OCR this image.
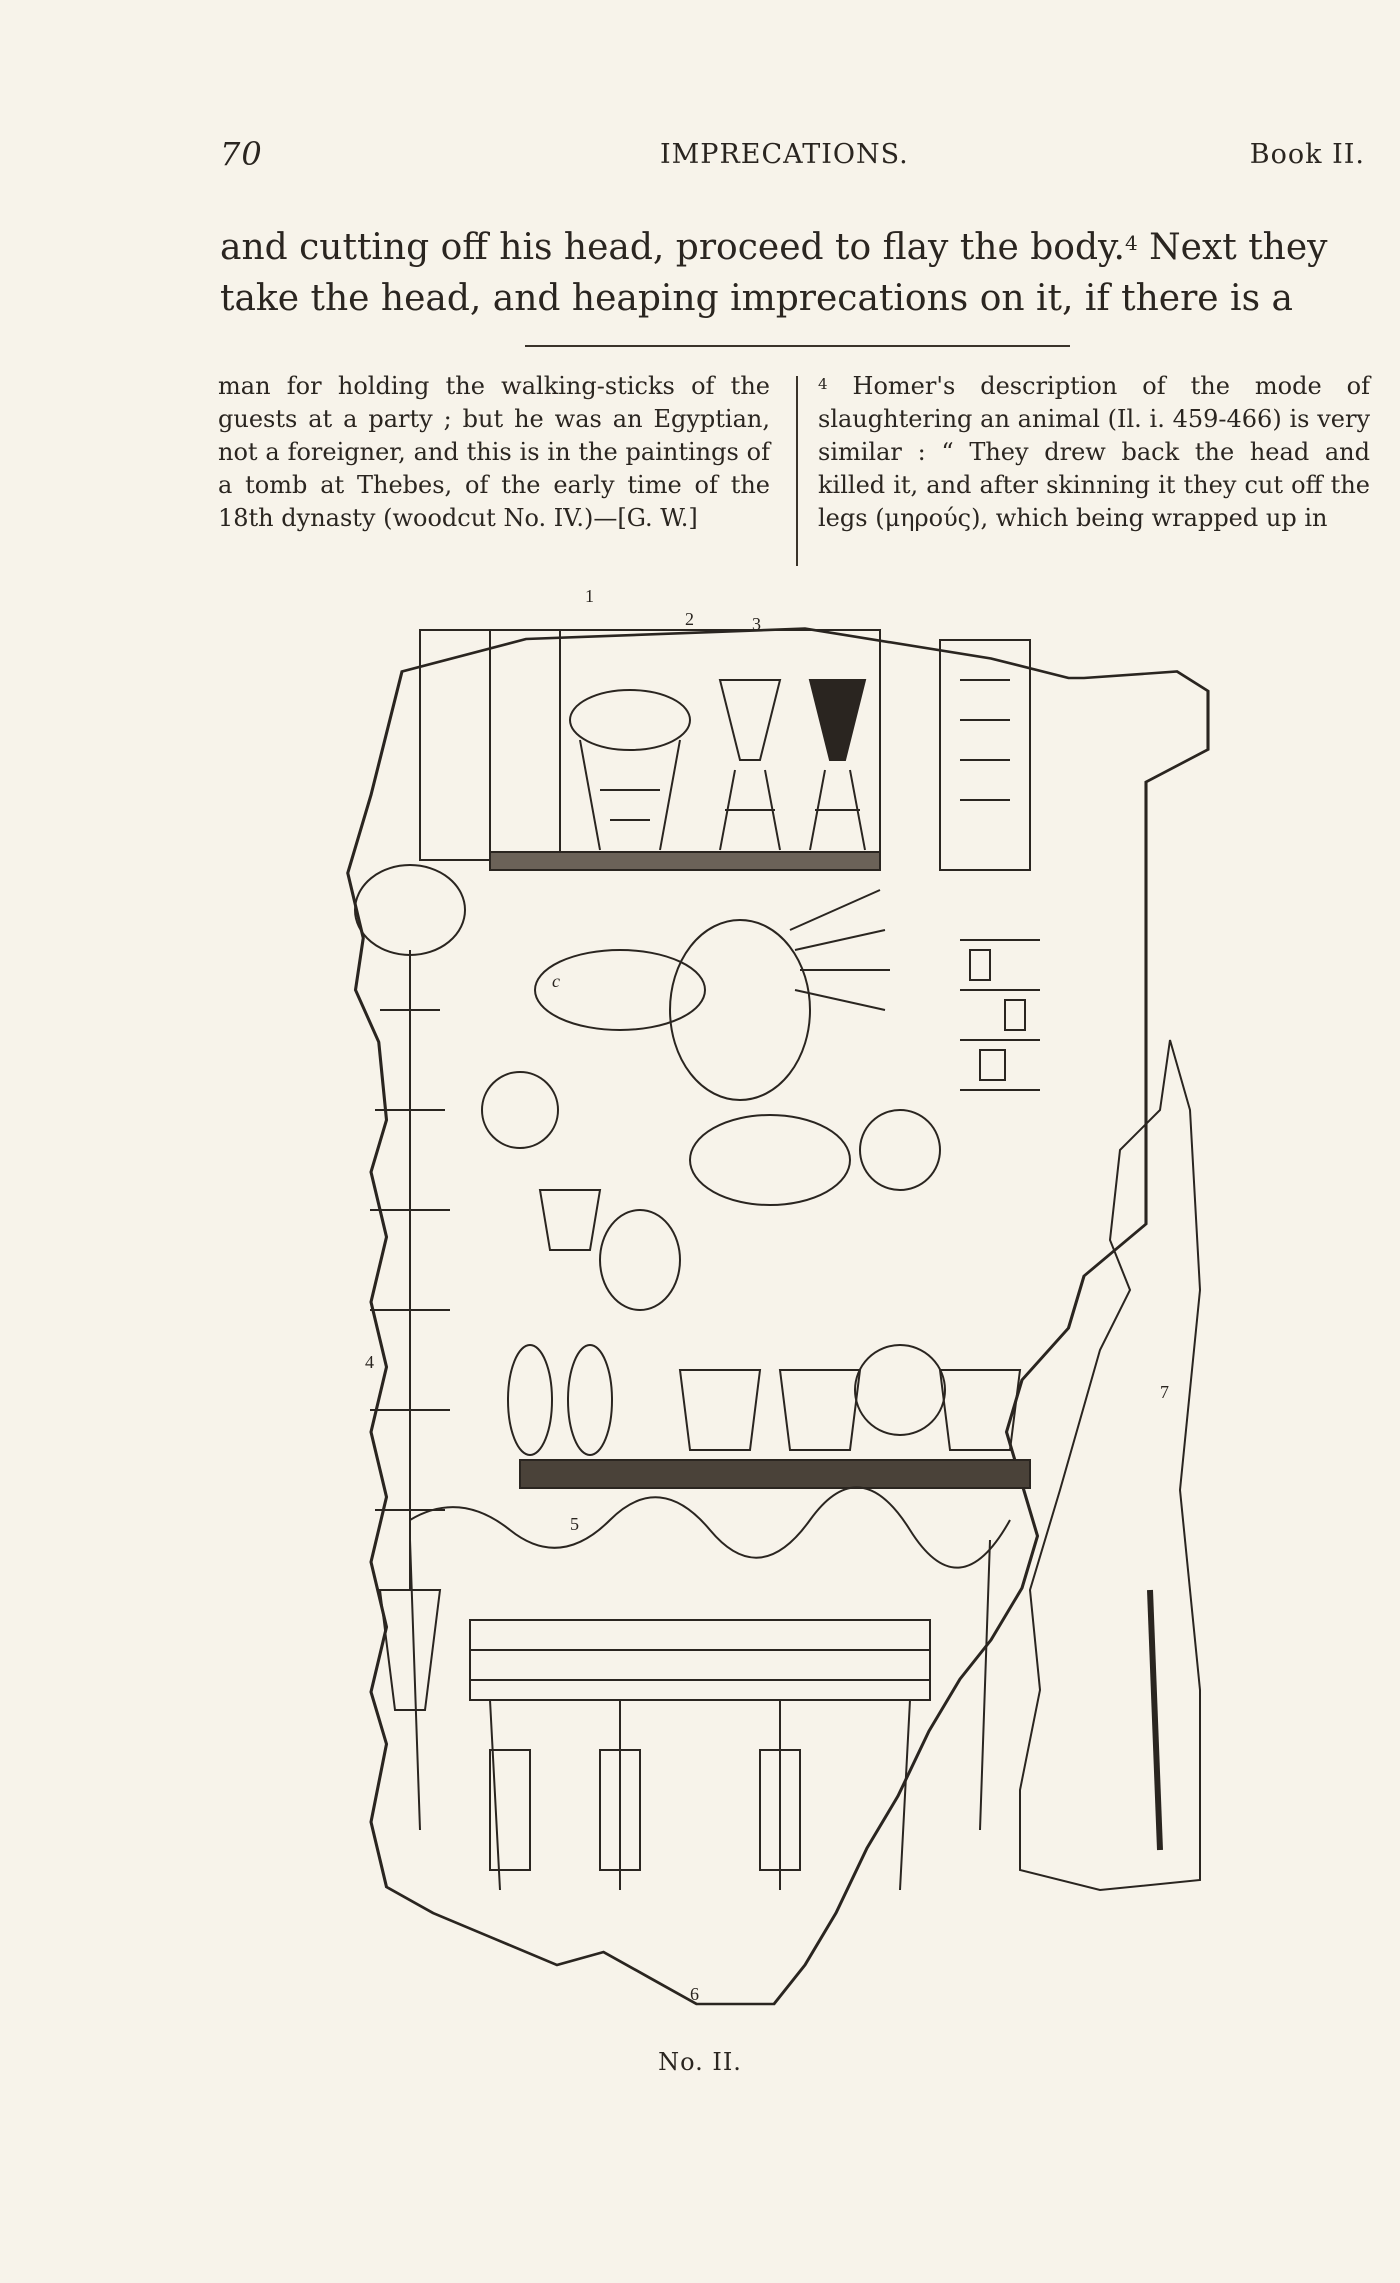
70	IMPRECATIONS.	Book II.

and cutting off his head, proceed to flay the body.$^4$ Next they

take the head, and heaping imprecations on it, if there is a

man for holding the walking-sticks of the guests at a party ; but he was an Egyptian, not a foreigner, and this is in the paintings of a tomb at Thebes, of the early time of the 18th dynasty (woodcut No. IV.)—[G. W.]

$^4$ Homer's description of the mode of slaughtering an animal (Il. i. 459-466) is very similar : “ They drew back the head and killed it, and after skinning it they cut off the legs (μηρούς), which being wrapped up in

1
2	3
4
5
6
7
c
No. II.
